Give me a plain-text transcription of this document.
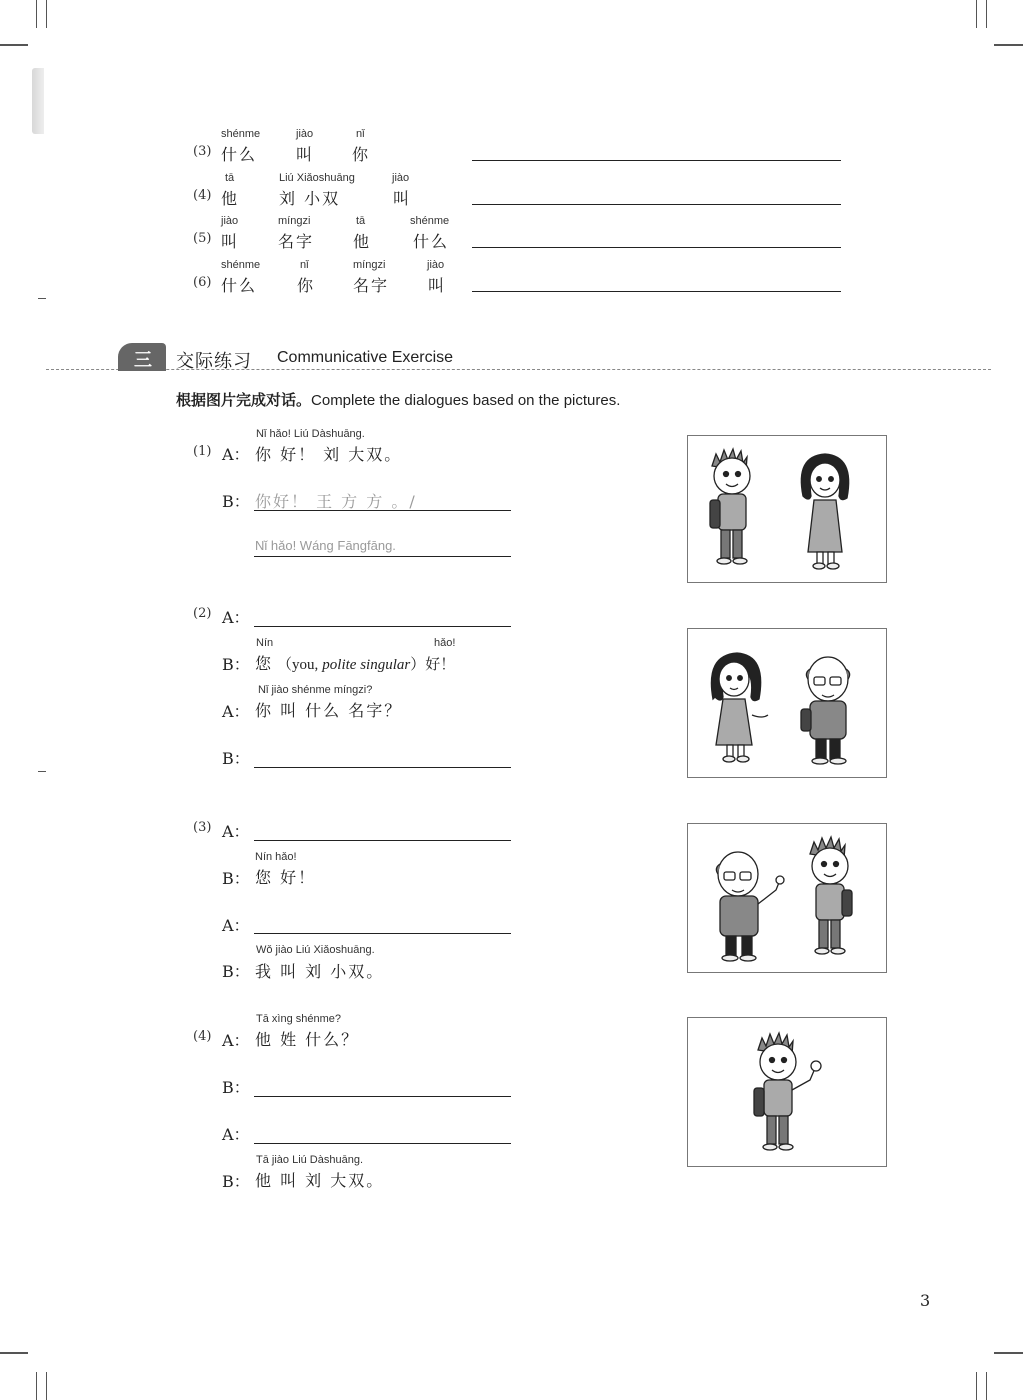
(3)
shénme
什么
jiào
叫
nǐ
你
(4)
tā
他
Liú Xiǎoshuāng
刘 小双
jiào
叫
(5)
jiào
叫
míngzi
名字
tā
他
shénme
什么
(6)
shénme
什么
nǐ
你
míngzi
名字
jiào
叫
三 交际练习 Communicative Exercise
根据图片完成对话。Complete the dialogues based on the pictures.
(1)
Nǐ hǎo! Liú Dàshuāng.
A： 你 好！ 刘 大双。
B： 你好！ 王 方 方 。/
Nǐ hǎo! Wáng Fāngfāng.
(2) A：
Nín	hǎo!
B： 您 （you, polite singular）好！
Nǐ jiào shénme míngzi?
A： 你 叫 什么 名字？
B：
(3) A：
Nín hǎo!
B： 您 好！
A：
Wǒ jiào Liú Xiǎoshuāng.
B： 我 叫 刘 小双。
(4)
Tā xìng shénme?
A： 他 姓 什么？
B：
A：
Tā jiào Liú Dàshuāng.
B： 他 叫 刘 大双。
3
